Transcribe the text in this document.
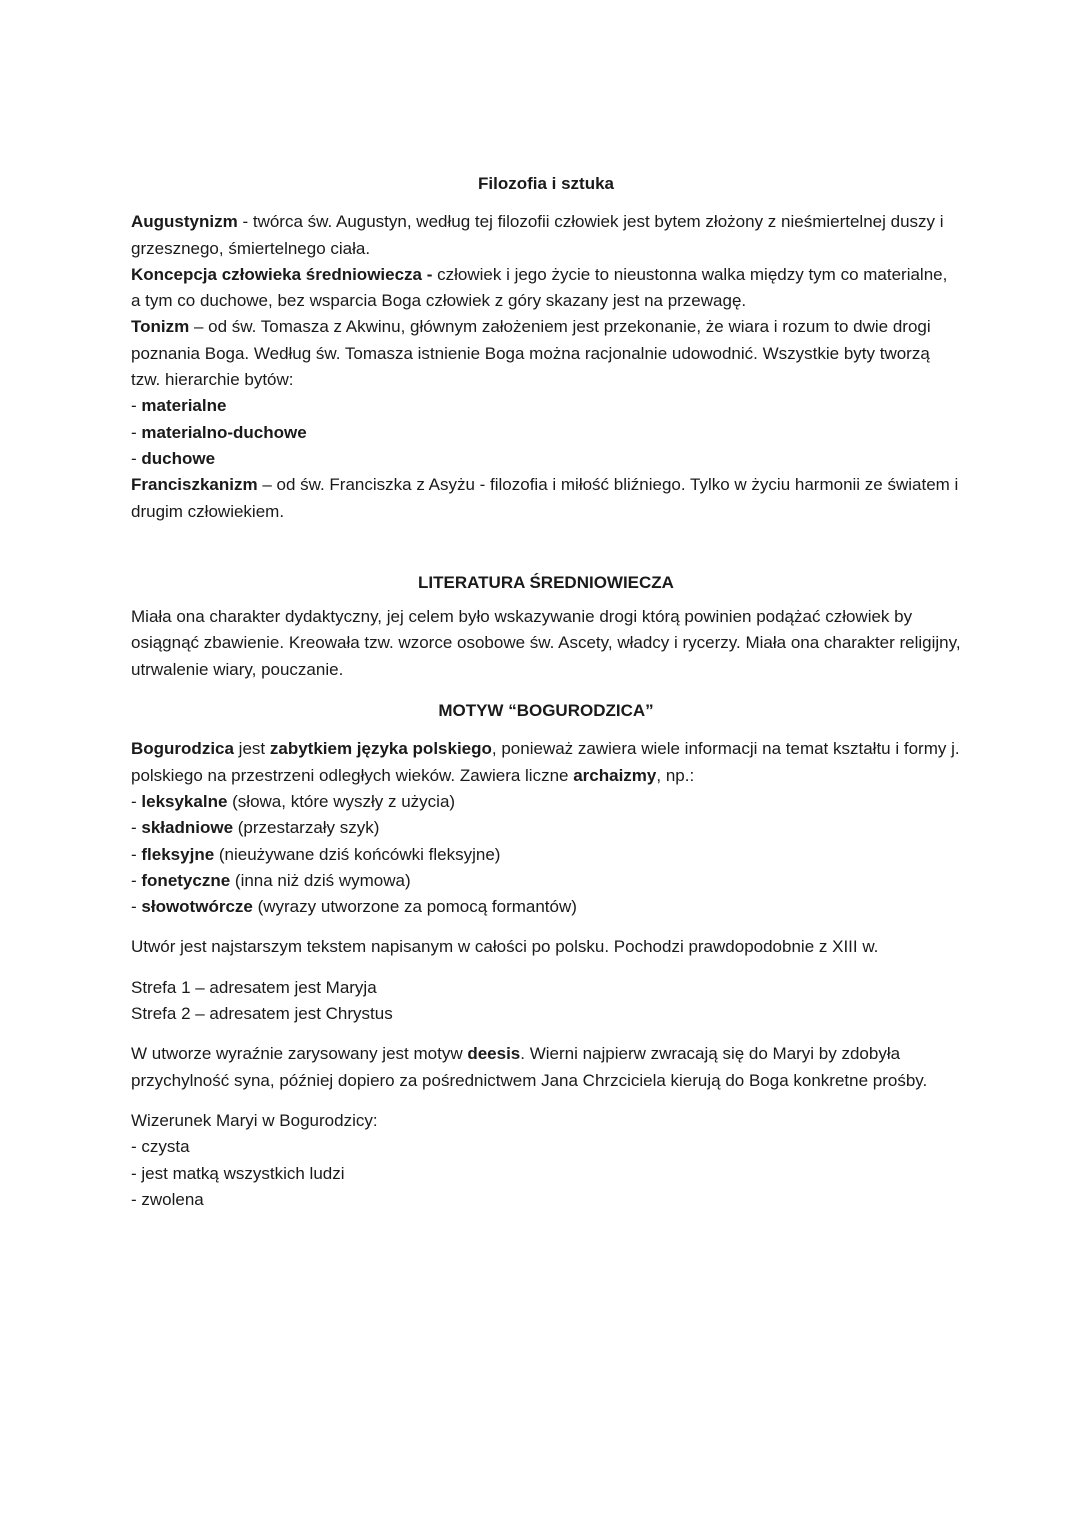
Filozofia i sztuka

Augustynizm - twórca św. Augustyn, według tej filozofii człowiek jest bytem złożony z nieśmiertelnej duszy i grzesznego, śmiertelnego ciała.

Koncepcja człowieka średniowiecza - człowiek i jego życie to nieustonna walka między tym co materialne, a tym co duchowe, bez wsparcia Boga człowiek z góry skazany jest na przewagę.

Tonizm – od św. Tomasza z Akwinu, głównym założeniem jest przekonanie, że wiara i rozum to dwie drogi poznania Boga. Według św. Tomasza istnienie Boga można racjonalnie udowodnić. Wszystkie byty tworzą tzw. hierarchie bytów:

- materialne
- materialno-duchowe
- duchowe

Franciszkanizm – od św. Franciszka z Asyżu - filozofia i miłość bliźniego. Tylko w życiu harmonii ze światem i drugim człowiekiem.

LITERATURA ŚREDNIOWIECZA

Miała ona charakter dydaktyczny, jej celem było wskazywanie drogi którą powinien podążać człowiek by osiągnąć zbawienie. Kreowała tzw. wzorce osobowe św. Ascety, władcy i rycerzy. Miała ona charakter religijny, utrwalenie wiary, pouczanie.

MOTYW “BOGURODZICA”

Bogurodzica jest zabytkiem języka polskiego, ponieważ zawiera wiele informacji na temat kształtu i formy j. polskiego na przestrzeni odległych wieków. Zawiera liczne archaizmy, np.:

- leksykalne (słowa, które wyszły z użycia)
- składniowe (przestarzały szyk)
- fleksyjne (nieużywane dziś końcówki fleksyjne)
- fonetyczne (inna niż dziś wymowa)
- słowotwórcze (wyrazy utworzone za pomocą formantów)

Utwór jest najstarszym tekstem napisanym w całości po polsku. Pochodzi prawdopodobnie z XIII w.

Strefa 1 – adresatem jest Maryja
Strefa 2 – adresatem jest Chrystus

W utworze wyraźnie zarysowany jest motyw deesis. Wierni najpierw zwracają się do Maryi by zdobyła przychylność syna, później dopiero za pośrednictwem Jana Chrzciciela kierują do Boga konkretne prośby.

Wizerunek Maryi w Bogurodzicy:

- czysta
- jest matką wszystkich ludzi
- zwolena
